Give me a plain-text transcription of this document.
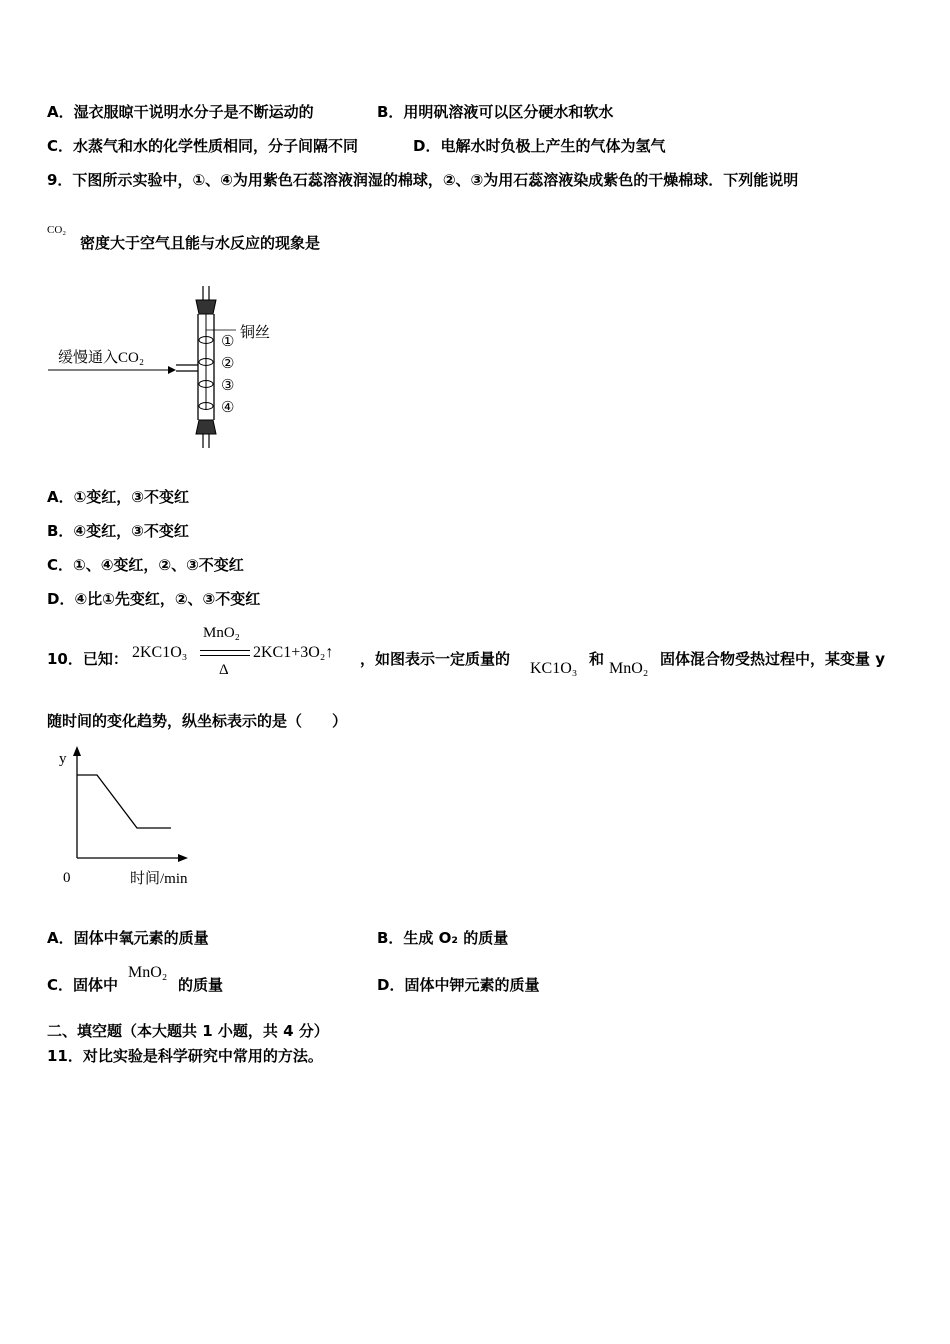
A．湿衣服晾干说明水分子是不断运动的	B．用明矾溶液可以区分硬水和软水
C．水蒸气和水的化学性质相同，分子间隔不同	D．电解水时负极上产生的气体为氢气
9．下图所示实验中，①、④为用紫色石蕊溶液润湿的棉球，②、③为用石蕊溶液染成紫色的干燥棉球．下列能说明
CO₂
密度大于空气且能与水反应的现象是
缓慢通入CO₂
铜丝
①
②
③
④
A．①变红，③不变红
B．④变红，③不变红
C．①、④变红，②、③不变红
D．④比①先变红，②、③不变红
10．已知： 2KC1O₃
MnO₂
Δ
2KC1+3O₂↑ ，如图表示一定质量的
KC1O₃
和
MnO₂
固体混合物受热过程中，某变量 y
随时间的变化趋势，纵坐标表示的是（　　）
y
0	时间/min
A．固体中氧元素的质量	B．生成 O₂ 的质量
C．固体中
MnO₂
的质量	D．固体中钾元素的质量
二、填空题（本大题共 1 小题，共 4 分）
11．对比实验是科学研究中常用的方法。
